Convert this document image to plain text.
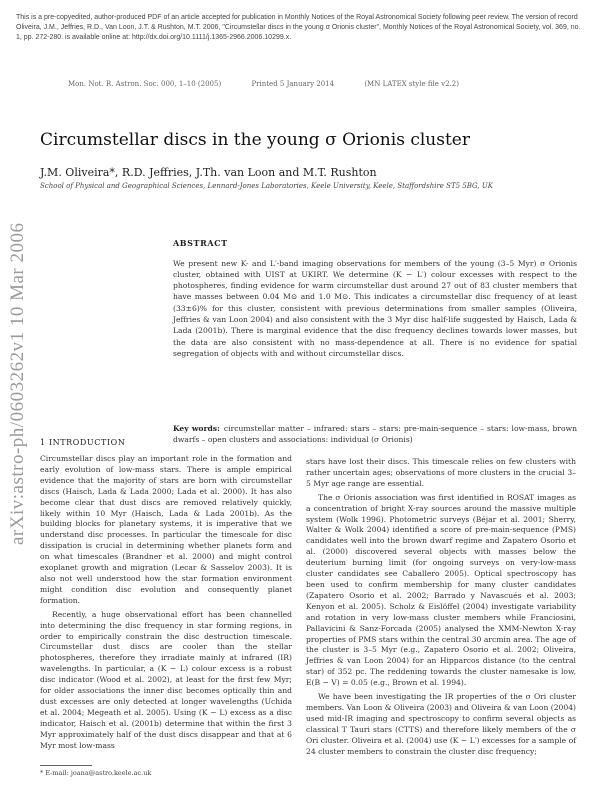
This is a pre-copyedited, author-produced PDF of an article accepted for publication in Monthly Notices of the Royal Astronomical Society following peer review. The version of record Oliveira, J.M., Jeffries, R.D., Van Loon, J.T. & Rushton, M.T. 2006, "Circumstellar discs in the young σ Orionis cluster", Monthly Notices of the Royal Astronomical Society, vol. 369, no. 1, pp. 272-280. is available online at: http://dx.doi.org/10.1111/j.1365-2966.2006.10299.x.
arXiv:astro-ph/0603262v1 10 Mar 2006
Mon. Not. R. Astron. Soc. 000, 1–10 (2005)	Printed 5 January 2014	(MN LATEX style file v2.2)
Circumstellar discs in the young σ Orionis cluster
J.M. Oliveira*, R.D. Jeffries, J.Th. van Loon and M.T. Rushton
School of Physical and Geographical Sciences, Lennard-Jones Laboratories, Keele University, Keele, Staffordshire ST5 5BG, UK
ABSTRACT

We present new K- and L′-band imaging observations for members of the young (3–5 Myr) σ Orionis cluster, obtained with UIST at UKIRT. We determine (K − L′) colour excesses with respect to the photospheres, finding evidence for warm circumstellar dust around 27 out of 83 cluster members that have masses between 0.04 M⊙ and 1.0 M⊙. This indicates a circumstellar disc frequency of at least (33±6)% for this cluster, consistent with previous determinations from smaller samples (Oliveira, Jeffries & van Loon 2004) and also consistent with the 3 Myr disc half-life suggested by Haisch, Lada & Lada (2001b). There is marginal evidence that the disc frequency declines towards lower masses, but the data are also consistent with no mass-dependence at all. There is no evidence for spatial segregation of objects with and without circumstellar discs.

Key words: circumstellar matter – infrared: stars – stars: pre-main-sequence – stars: low-mass, brown dwarfs – open clusters and associations: individual (σ Orionis)
1 INTRODUCTION

Circumstellar discs play an important role in the formation and early evolution of low-mass stars. There is ample empirical evidence that the majority of stars are born with circumstellar discs (Haisch, Lada & Lada 2000; Lada et al. 2000). It has also become clear that dust discs are removed relatively quickly, likely within 10 Myr (Haisch, Lada & Lada 2001b). As the building blocks for planetary systems, it is imperative that we understand disc processes. In particular the timescale for disc dissipation is crucial in determining whether planets form and on what timescales (Brandner et al. 2000) and might control exoplanet growth and migration (Lecar & Sasselov 2003). It is also not well understood how the star formation environment might condition disc evolution and consequently planet formation.

Recently, a huge observational effort has been channelled into determining the disc frequency in star forming regions, in order to empirically constrain the disc destruction timescale. Circumstellar dust discs are cooler than the stellar photospheres, therefore they irradiate mainly at infrared (IR) wavelengths. In particular, a (K − L) colour excess is a robust disc indicator (Wood et al. 2002), at least for the first few Myr; for older associations the inner disc becomes optically thin and dust excesses are only detected at longer wavelengths (Uchida et al. 2004; Megeath et al. 2005). Using (K − L) excess as a disc indicator, Haisch et al. (2001b) determine that within the first 3 Myr approximately half of the dust discs disappear and that at 6 Myr most low-mass

stars have lost their discs. This timescale relies on few clusters with rather uncertain ages; observations of more clusters in the crucial 3–5 Myr age range are essential.

The σ Orionis association was first identified in ROSAT images as a concentration of bright X-ray sources around the massive multiple system (Wolk 1996). Photometric surveys (Béjar et al. 2001; Sherry, Walter & Wolk 2004) identified a score of pre-main-sequence (PMS) candidates well into the brown dwarf regime and Zapatero Osorio et al. (2000) discovered several objects with masses below the deuterium burning limit (for ongoing surveys on very-low-mass cluster candidates see Caballero 2005). Optical spectroscopy has been used to confirm membership for many cluster candidates (Zapatero Osorio et al. 2002; Barrado y Navascués et al. 2003; Kenyon et al. 2005). Scholz & Eislöffel (2004) investigate variability and rotation in very low-mass cluster members while Franciosini, Pallavicini & Sanz-Forcada (2005) analysed the XMM-Newton X-ray properties of PMS stars within the central 30 arcmin area. The age of the cluster is 3–5 Myr (e.g., Zapatero Osorio et al. 2002; Oliveira, Jeffries & van Loon 2004) for an Hipparcos distance (to the central star) of 352 pc. The reddening towards the cluster namesake is low, E(B − V) = 0.05 (e.g., Brown et al. 1994).

We have been investigating the IR properties of the σ Ori cluster members. Van Loon & Oliveira (2003) and Oliveira & van Loon (2004) used mid-IR imaging and spectroscopy to confirm several objects as classical T Tauri stars (CTTS) and therefore likely members of the σ Ori cluster. Oliveira et al. (2004) use (K − L′) excesses for a sample of 24 cluster members to constrain the cluster disc frequency;

* E-mail: joana@astro.keele.ac.uk
